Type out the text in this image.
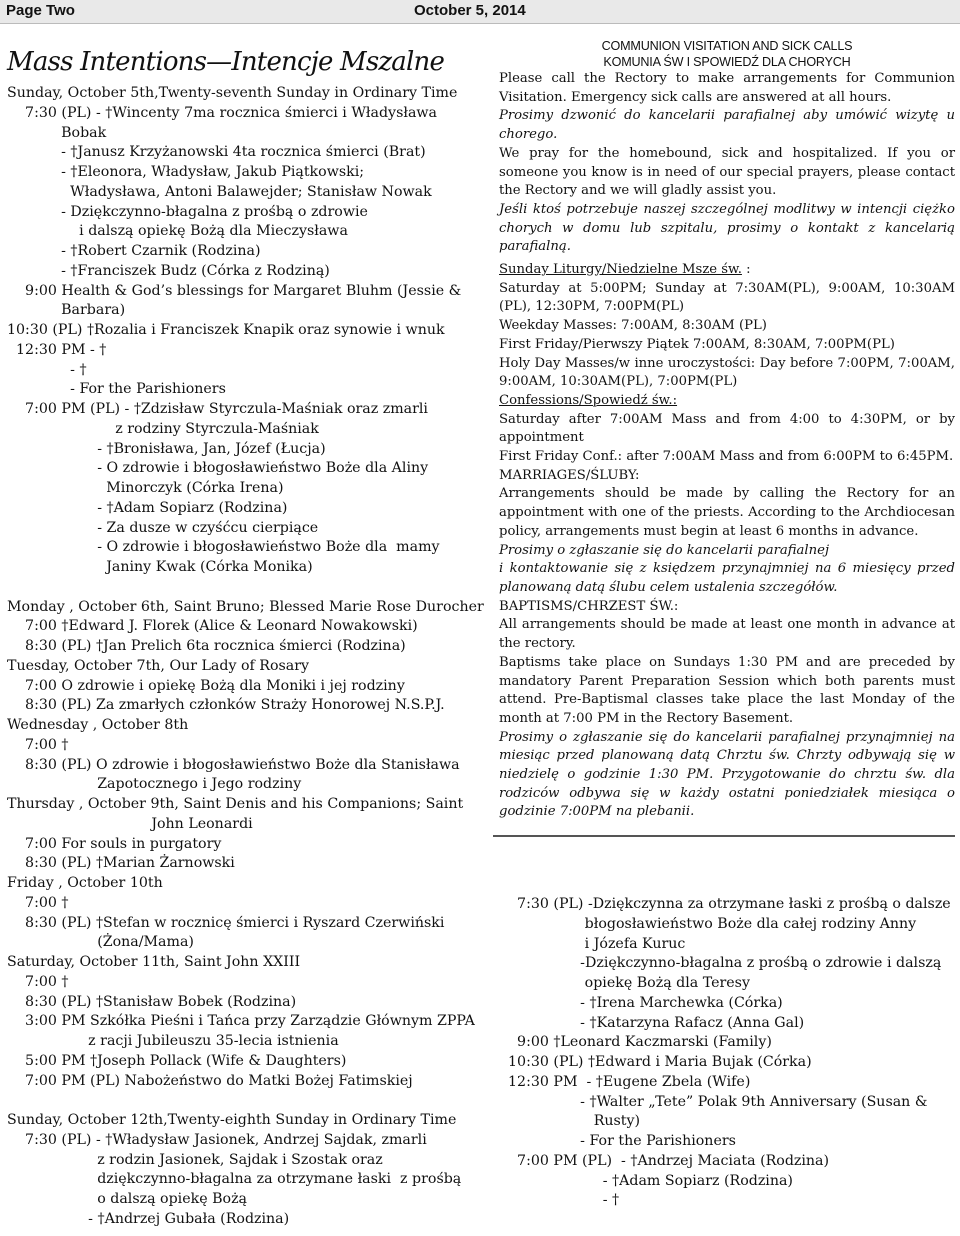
Page Two	October 5, 2014
Mass Intentions—Intencje Mszalne
Sunday, October 5th,Twenty-seventh Sunday in Ordinary Time
7:30 (PL) - †Wincenty 7ma rocznica śmierci i Władysława
Bobak
- †Janusz Krzyżanowski 4ta rocznica śmierci (Brat)
- †Eleonora, Władysław, Jakub Piątkowski;
Władysława, Antoni Balawejder; Stanisław Nowak
- Dziękczynno-błagalna z prośbą o zdrowie
i dalszą opiekę Bożą dla Mieczysława
- †Robert Czarnik (Rodzina)
- †Franciszek Budz (Córka z Rodziną)
9:00 Health & God’s blessings for Margaret Bluhm (Jessie &
Barbara)
10:30 (PL) †Rozalia i Franciszek Knapik oraz synowie i wnuk
12:30 PM - †
- †
- For the Parishioners
7:00 PM (PL) - †Zdzisław Styrczula-Maśniak oraz zmarli
z rodziny Styrczula-Maśniak
- †Bronisława, Jan, Józef (Łucja)
- O zdrowie i błogosławieństwo Boże dla Aliny
Minorczyk (Córka Irena)
- †Adam Sopiarz (Rodzina)
- Za dusze w czyśćcu cierpiące
- O zdrowie i błogosławieństwo Boże dla  mamy
Janiny Kwak (Córka Monika)
Monday , October 6th, Saint Bruno; Blessed Marie Rose Durocher
7:00 †Edward J. Florek (Alice & Leonard Nowakowski)
8:30 (PL) †Jan Prelich 6ta rocznica śmierci (Rodzina)
Tuesday, October 7th, Our Lady of Rosary
7:00 O zdrowie i opiekę Bożą dla Moniki i jej rodziny
8:30 (PL) Za zmarłych członków Straży Honorowej N.S.P.J.
Wednesday , October 8th
7:00 †
8:30 (PL) O zdrowie i błogosławieństwo Boże dla Stanisława
Zapotocznego i Jego rodziny
Thursday , October 9th, Saint Denis and his Companions; Saint
John Leonardi
7:00 For souls in purgatory
8:30 (PL) †Marian Żarnowski
Friday , October 10th
7:00 †
8:30 (PL) †Stefan w rocznicę śmierci i Ryszard Czerwiński
(Żona/Mama)
Saturday, October 11th, Saint John XXIII
7:00 †
8:30 (PL) †Stanisław Bobek (Rodzina)
3:00 PM Szkółka Pieśni i Tańca przy Zarządzie Głównym ZPPA
z racji Jubileuszu 35-lecia istnienia
5:00 PM †Joseph Pollack (Wife & Daughters)
7:00 PM (PL) Nabożeństwo do Matki Bożej Fatimskiej
Sunday, October 12th,Twenty-eighth Sunday in Ordinary Time
7:30 (PL) - †Władysław Jasionek, Andrzej Sajdak, zmarli
z rodzin Jasionek, Sajdak i Szostak oraz
dziękczynno-błagalna za otrzymane łaski  z prośbą
o dalszą opiekę Bożą
- †Andrzej Gubała (Rodzina)
COMMUNION VISITATION AND SICK CALLS
KOMUNIA ŚW I SPOWIEDŹ DLA CHORYCH

Please call the Rectory to make arrangements for Communion Visitation. Emergency sick calls are answered at all hours.

Prosimy dzwonić do kancelarii parafialnej aby umówić wizytę u chorego.

We pray for the homebound, sick and hospitalized. If you or someone you know is in need of our special prayers, please contact the Rectory and we will gladly assist you.

Jeśli ktoś potrzebuje naszej szczególnej modlitwy w intencji ciężko chorych w domu lub szpitalu, prosimy o kontakt z kancelarią parafialną.

Sunday Liturgy/Niedzielne Msze św. :

Saturday at 5:00PM; Sunday at 7:30AM(PL), 9:00AM, 10:30AM (PL), 12:30PM, 7:00PM(PL)

Weekday Masses: 7:00AM, 8:30AM (PL)

First Friday/Pierwszy Piątek 7:00AM, 8:30AM, 7:00PM(PL)

Holy Day Masses/w inne uroczystości: Day before 7:00PM, 7:00AM, 9:00AM, 10:30AM(PL), 7:00PM(PL)

Confessions/Spowiedź św.:

Saturday after 7:00AM Mass and from 4:00 to 4:30PM, or by appointment

First Friday Conf.: after 7:00AM Mass and from 6:00PM to 6:45PM.

MARRIAGES/ŚLUBY:

Arrangements should be made by calling the Rectory for an appointment with one of the priests. According to the Archdiocesan policy, arrangements must begin at least 6 months in advance.

Prosimy o zgłaszanie się do kancelarii parafialnej

i kontaktowanie się z księdzem przynajmniej na 6 miesięcy przed planowaną datą ślubu celem ustalenia szczegółów.

BAPTISMS/CHRZEST ŚW.:

All arrangements should be made at least one month in advance at the rectory.

Baptisms take place on Sundays 1:30 PM and are preceded by mandatory Parent Preparation Session which both parents must attend. Pre-Baptismal classes take place the last Monday of the month at 7:00 PM in the Rectory Basement.

Prosimy o zgłaszanie się do kancelarii parafialnej przynajmniej na miesiąc przed planowaną datą Chrztu św. Chrzty odbywają się w niedzielę o godzinie 1:30 PM. Przygotowanie do chrztu św. dla rodziców odbywa się w każdy ostatni poniedziałek miesiąca o godzinie 7:00PM na plebanii.

7:30 (PL) -Dziękczynna za otrzymane łaski z prośbą o dalsze
błogosławieństwo Boże dla całej rodziny Anny
i Józefa Kuruc
-Dziękczynno-błagalna z prośbą o zdrowie i dalszą
opiekę Bożą dla Teresy
- †Irena Marchewka (Córka)
- †Katarzyna Rafacz (Anna Gal)
9:00 †Leonard Kaczmarski (Family)
10:30 (PL) †Edward i Maria Bujak (Córka)
12:30 PM  - †Eugene Zbela (Wife)
- †Walter „Tete” Polak 9th Anniversary (Susan &
Rusty)
- For the Parishioners
7:00 PM (PL)  - †Andrzej Maciata (Rodzina)
- †Adam Sopiarz (Rodzina)
- †
